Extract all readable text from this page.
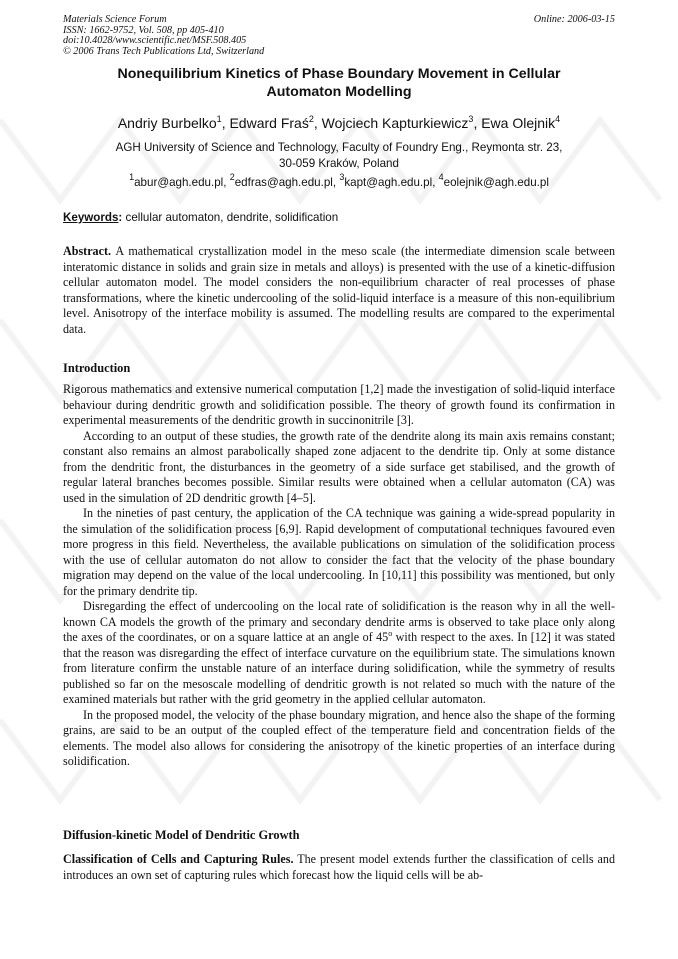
Materials Science Forum
ISSN: 1662-9752, Vol. 508, pp 405-410
doi:10.4028/www.scientific.net/MSF.508.405
© 2006 Trans Tech Publications Ltd, Switzerland
Online: 2006-03-15
Nonequilibrium Kinetics of Phase Boundary Movement in Cellular
Automaton Modelling
Andriy Burbelko$^1$, Edward Fraś$^2$, Wojciech Kapturkiewicz$^3$, Ewa Olejnik$^4$
AGH University of Science and Technology, Faculty of Foundry Eng., Reymonta str. 23,
30-059 Kraków, Poland
$^1$abur@agh.edu.pl, $^2$edfras@agh.edu.pl, $^3$kapt@agh.edu.pl, $^4$eolejnik@agh.edu.pl
Keywords: cellular automaton, dendrite, solidification

Abstract. A mathematical crystallization model in the meso scale (the intermediate dimension scale between interatomic distance in solids and grain size in metals and alloys) is presented with the use of a kinetic-diffusion cellular automaton model. The model considers the non-equilibrium character of real processes of phase transformations, where the kinetic undercooling of the solid-liquid interface is a measure of this non-equilibrium level. Anisotropy of the interface mobility is assumed. The modelling results are compared to the experimental data.

Introduction

Rigorous mathematics and extensive numerical computation [1,2] made the investigation of solid-liquid interface behaviour during dendritic growth and solidification possible. The theory of growth found its confirmation in experimental measurements of the dendritic growth in succinonitrile [3].

According to an output of these studies, the growth rate of the dendrite along its main axis remains constant; constant also remains an almost parabolically shaped zone adjacent to the dendrite tip. Only at some distance from the dendritic front, the disturbances in the geometry of a side surface get stabilised, and the growth of regular lateral branches becomes possible. Similar results were obtained when a cellular automaton (CA) was used in the simulation of 2D dendritic growth [4–5].

In the nineties of past century, the application of the CA technique was gaining a wide-spread popularity in the simulation of the solidification process [6,9]. Rapid development of computational techniques favoured even more progress in this field. Nevertheless, the available publications on simulation of the solidification process with the use of cellular automaton do not allow to consider the fact that the velocity of the phase boundary migration may depend on the value of the local undercooling. In [10,11] this possibility was mentioned, but only for the primary dendrite tip.

Disregarding the effect of undercooling on the local rate of solidification is the reason why in all the well-known CA models the growth of the primary and secondary dendrite arms is observed to take place only along the axes of the coordinates, or on a square lattice at an angle of 45$^o$ with respect to the axes. In [12] it was stated that the reason was disregarding the effect of interface curvature on the equilibrium state. The simulations known from literature confirm the unstable nature of an interface during solidification, while the symmetry of results published so far on the mesoscale modelling of dendritic growth is not related so much with the nature of the examined materials but rather with the grid geometry in the applied cellular automaton.

In the proposed model, the velocity of the phase boundary migration, and hence also the shape of the forming grains, are said to be an output of the coupled effect of the temperature field and concentration fields of the elements. The model also allows for considering the anisotropy of the kinetic properties of an interface during solidification.

Diffusion-kinetic Model of Dendritic Growth

Classification of Cells and Capturing Rules. The present model extends further the classification of cells and introduces an own set of capturing rules which forecast how the liquid cells will be ab-
